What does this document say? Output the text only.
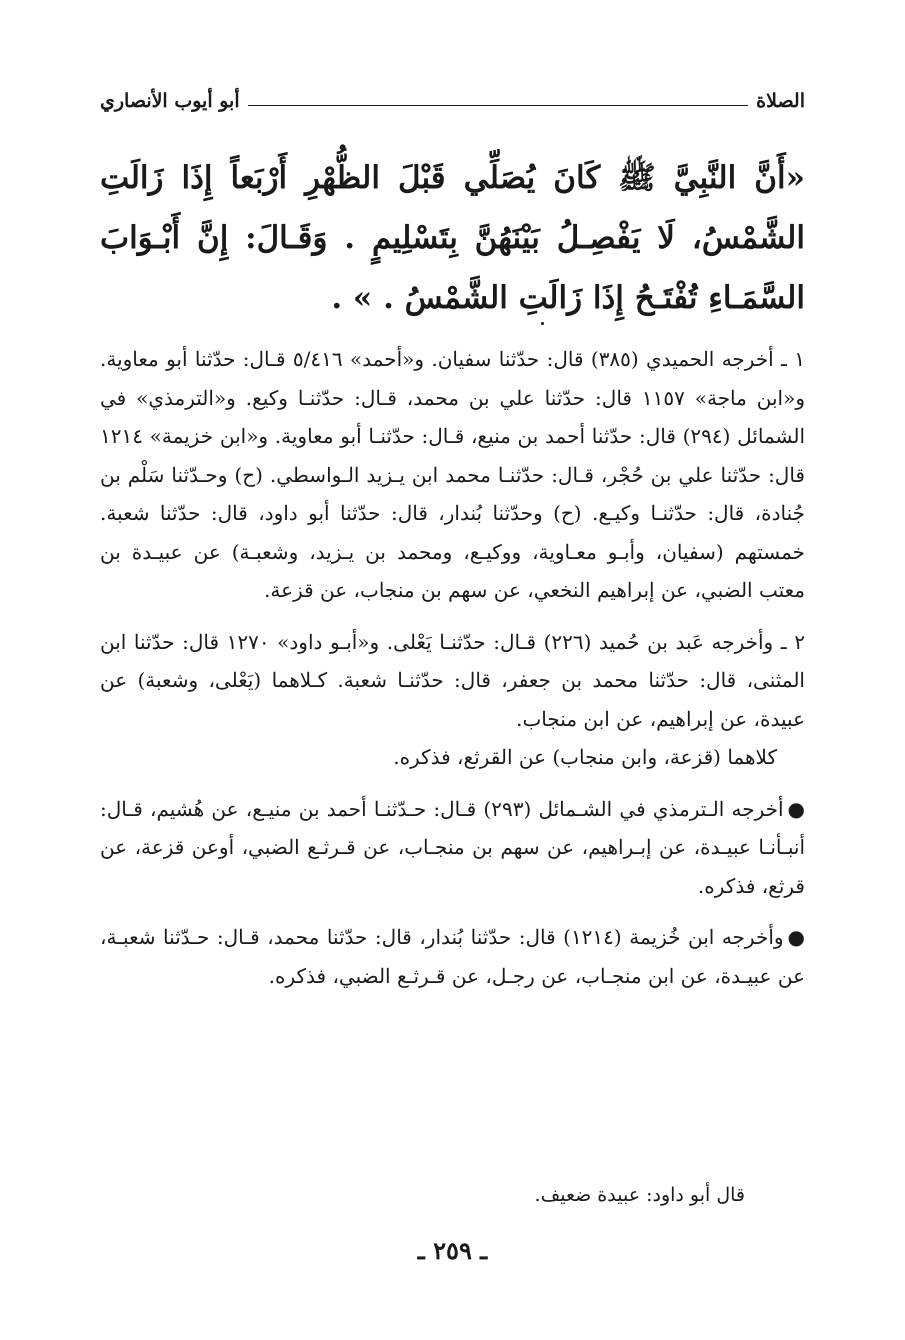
الصلاة
أبو أيوب الأنصاري

«أَنَّ النَّبِيَّ ﷺ كَانَ يُصَلِّي قَبْلَ الظُّهْرِ أَرْبَعاً إِذَا زَالَتِ الشَّمْسُ، لَا يَفْصِـلُ بَيْنَهُنَّ بِتَسْلِيمٍ . وَقَـالَ: إِنَّ أَبْـوَابَ السَّمَـاءِ تُفْتَـحُ إِذَا زَالَتِ الشَّمْسُ . » .

١ ـ أخرجه الحميدي (٣٨٥) قال: حدّثنا سفيان. و«أحمد» ٥/٤١٦ قـال: حدّثنا أبو معاوية. و«ابن ماجة» ١١٥٧ قال: حدّثنا علي بن محمد، قـال: حدّثنـا وكيع. و«الترمذي» في الشمائل (٢٩٤) قال: حدّثنا أحمد بن منيع، قـال: حدّثنـا أبو معاوية. و«ابن خزيمة» ١٢١٤ قال: حدّثنا علي بن حُجْر، قـال: حدّثنـا محمد ابن يـزيد الـواسطي. (ح) وحـدّثنا سَلْم بن جُنادة، قال: حدّثنـا وكيـع. (ح) وحدّثنا بُندار، قال: حدّثنا أبو داود، قال: حدّثنا شعبة. خمستهم (سفيان، وأبـو معـاوية، ووكيـع، ومحمد بن يـزيد، وشعبـة) عن عبيـدة بن معتب الضبي، عن إبراهيم النخعي، عن سهم بن منجاب، عن قزعة.

٢ ـ وأخرجه عَبد بن حُميد (٢٢٦) قـال: حدّثنـا يَعْلى. و«أبـو داود» ١٢٧٠ قال: حدّثنا ابن المثنى، قال: حدّثنا محمد بن جعفر، قال: حدّثنـا شعبة. كـلاهما (يَعْلى، وشعبة) عن عبيدة، عن إبراهيم، عن ابن منجاب.

كلاهما (قزعة، وابن منجاب) عن القرثع، فذكره.

●أخرجه الـترمذي في الشـمائل (٢٩٣) قـال: حـدّثنـا أحمد بن منيـع، عن هُشيم، قـال: أنبـأنـا عبيـدة، عن إبـراهيم، عن سهم بن منجـاب، عن قـرثـع الضبي، أوعن قزعة، عن قرثع، فذكره.

●وأخرجه ابن خُزيمة (١٢١٤) قال: حدّثنا بُندار، قال: حدّثنا محمد، قـال: حـدّثنا شعبـة، عن عبيـدة، عن ابن منجـاب، عن رجـل، عن قـرثـع الضبي، فذكره.

قال أبو داود: عبيدة ضعيف.
ـ ٢٥٩ ـ
